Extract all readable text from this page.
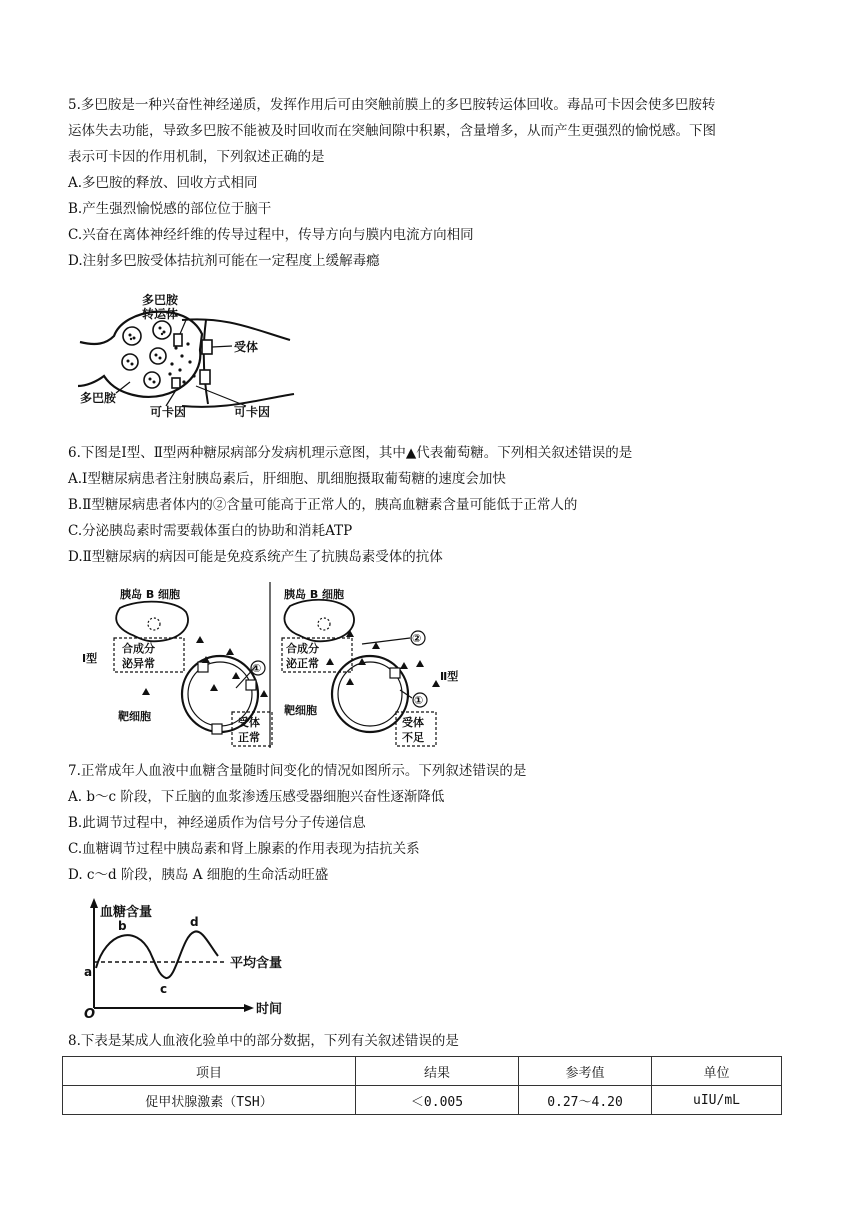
5.多巴胺是一种兴奋性神经递质，发挥作用后可由突触前膜上的多巴胺转运体回收。毒品可卡因会使多巴胺转
运体失去功能，导致多巴胺不能被及时回收而在突触间隙中积累，含量增多，从而产生更强烈的愉悦感。下图
表示可卡因的作用机制，下列叙述正确的是
A.多巴胺的释放、回收方式相同
B.产生强烈愉悦感的部位位于脑干
C.兴奋在离体神经纤维的传导过程中，传导方向与膜内电流方向相同
D.注射多巴胺受体拮抗剂可能在一定程度上缓解毒瘾
多巴胺
转运体
受体
多巴胺
可卡因	可卡因
6.下图是Ⅰ型、Ⅱ型两种糖尿病部分发病机理示意图，其中▲代表葡萄糖。下列相关叙述错误的是
A.Ⅰ型糖尿病患者注射胰岛素后，肝细胞、肌细胞摄取葡萄糖的速度会加快
B.Ⅱ型糖尿病患者体内的②含量可能高于正常人的，胰高血糖素含量可能低于正常人的
C.分泌胰岛素时需要载体蛋白的协助和消耗ATP
D.Ⅱ型糖尿病的病因可能是免疫系统产生了抗胰岛素受体的抗体
胰岛 B 细胞
合成分
泌异常
Ⅰ型
靶细胞	受体
正常
①
胰岛 B 细胞
合成分
泌正常
Ⅱ型
靶细胞
受体
不足
②
①
7.正常成年人血液中血糖含量随时间变化的情况如图所示。下列叙述错误的是
A. b～c 阶段，下丘脑的血浆渗透压感受器细胞兴奋性逐渐降低
B.此调节过程中，神经递质作为信号分子传递信息
C.血糖调节过程中胰岛素和肾上腺素的作用表现为拮抗关系
D. c～d 阶段，胰岛 A 细胞的生命活动旺盛
血糖含量
时间
O
平均含量
a
b
c
d
8.下表是某成人血液化验单中的部分数据，下列有关叙述错误的是
项目	结果	参考值	单位
促甲状腺激素（TSH）	＜0.005	0.27～4.20	uIU/mL
